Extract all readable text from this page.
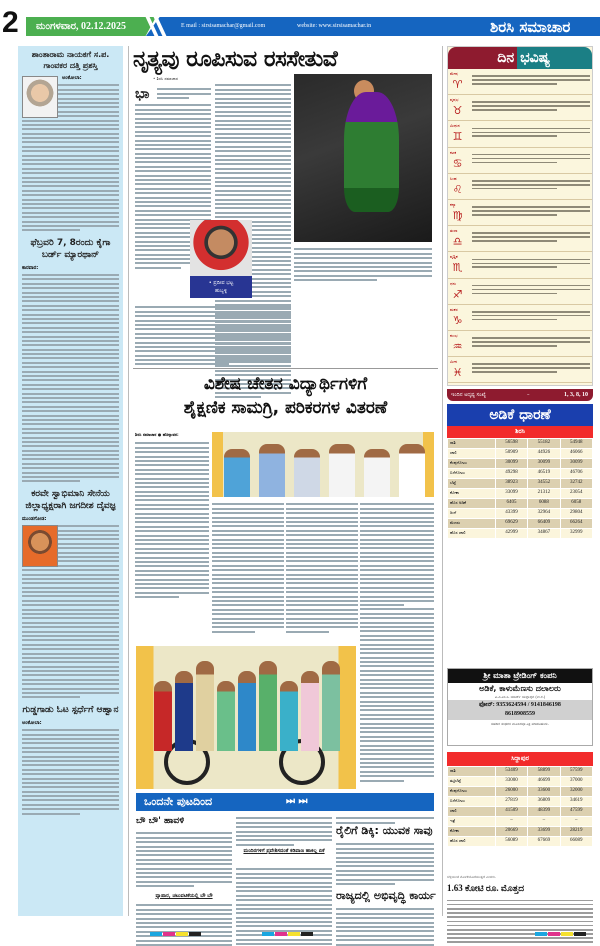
2 ಮಂಗಳವಾರ, 02.12.2025	E mail : sirsisamachar@gmail.com	website: www.sirsisamachar.in	ಶಿರಸಿ ಸಮಾಚಾರ
ಶಾಂತಾರಾಮ ನಾಯಕಗೆ ಸ.ಪ. ಗಾಂವಕರ ದತ್ತಿ ಪ್ರಶಸ್ತಿ
ಅಂಕೋಲಾ:
ಫೆಬ್ರವರಿ 7, 8ರಂದು ಕೈಗಾ ಬರ್ಡ್ ಮ್ಯಾರಥಾನ್
ಕಾರವಾರ:
ಕರವೇ ಸ್ವಾಭಿಮಾನಿ ಸೇನೆಯ ಜಿಲ್ಲಾಧ್ಯಕ್ಷರಾಗಿ ಜಗದೀಶ ದೈವಜ್ಞ
ಮುಂಡಗೋಡ:
ಗುಡ್ಡಗಾಡು ಓಟ ಸ್ಪರ್ಧೆಗೆ ಆಹ್ವಾನ
ಅಂಕೋಲಾ:
ನೃತ್ಯವು ರೂಪಿಸುವ ರಸಸೇತುವೆ
• ಶಿರಸಿ ಸಮಾಚಾರ
ಭಾ
• ಪ್ರದೀಪ ಭಟ್ಟ
ಹುಬ್ಬಳ್ಳಿ
ವಿಶೇಷ ಚೇತನ ವಿದ್ಯಾರ್ಥಿಗಳಿಗೆ
ಶೈಕ್ಷಣಿಕ ಸಾಮಗ್ರಿ, ಪರಿಕರಗಳ ವಿತರಣೆ
ಶಿರಸಿ ಸಮಾಚಾರ ● ಹೊನ್ನಾವರ:
ಒಂದನೇ ಪುಟದಿಂದ	⏭ ⏭
ಬೌ ಬೌ' ಹಾವಳಿ
ವ್ಯಾಪಾರ, ಚಟುವಟಿಕೆಯಲ್ಲಿ ಬೌ ಬೌ
ಮಂದಿರಗಳಿಗೆ ಪ್ರವೇಶಿಸದಂತೆ ಕಡಿವಾಣ ಹಾಕಿಲ್ಲ ಏಕೆ
ರೈಲಿಗೆ ಡಿಕ್ಕಿ: ಯುವಕ ಸಾವು
ರಾಜ್ಯದಲ್ಲಿ ಅಭಿವೃದ್ಧಿ ಕಾರ್ಯ
ದಿನ ಭವಿಷ್ಯ
ಮೇಷ
♈
ವೃಷಭ
♉
ಮಿಥುನ
♊
ಕಟಕ
♋
ಸಿಂಹ
♌
ಕನ್ಯಾ
♍
ತುಲಾ
♎
ವೃಶ್ಚಿಕ
♏
ಧನು
♐
ಮಕರ
♑
ಕುಂಭ
♒
ಮೀನ
♓
ಇಂದಿನ ಅದೃಷ್ಟ ಸಂಖ್ಯೆ	–	1, 3, 8, 10
ಅಡಿಕೆ ಧಾರಣೆ
ಶಿರಸಿ
ರಾಶಿ	56598	55182	54948
ಚಾಲಿ	50909	44926	46066
ಕೆಂಪುಗೋಟು	30099	30099	30099
ಬಿಳೆಗೋಟು	49298	46519	46706
ಬೆಟ್ಟೆ	38923	34552	32742
ಕೋಕಾ	33099	21312	23054
ಹೊಸ ಅಡಿಕೆ	6405	6088	6058
ರಿಂಗೆ	43399	32964	29804
ಮೆಣಸು	69629	66409	66264
ಹೊಸ ಚಾಲಿ	42999	34867	32999
ಶ್ರೀ ಮಾತಾ ಟ್ರೇಡಿಂಗ್ ಕಂಪನಿ
ಅಡಿಕೆ, ಕಾಳುಮೆಣಸು ದಲಾಲರು
ಎ.ಪಿ.ಎಂ.ಸಿ. ಯಾರ್ಡ್ ಯಲ್ಲಾಪುರ (ಉ.ಕ.)
ಫೋನ್: 9353624594 / 9141846198
8618908559
ಸಹಕಾರ ಸಂಘಗಳ ಮೂಲಕವೂ ವಿಕ್ರಿ ಮಾಡಬಹುದು.
ಸಿದ್ದಾಪುರ
ರಾಶಿ	53409	58899	57599
ತಟ್ಟಿಬೆಟ್ಟೆ	33000	46699	37000
ಕೆಂಪುಗೋಟು	26000	33600	32000
ಬಿಳೆಗೋಟು	27819	36809	34619
ಚಾಲಿ	41509	48399	47599
ಇತ್ರೆ	–	–	–
ಕೋಕಾ	20669	33699	28219
ಹೊಸ ಚಾಲಿ	56089	67669	66089
ಬೆಳ್ಳಿಯಂತೆ ಮೊಳಕೆಯೊಡೆಯುತ್ತದೆ ಎಂದರು.
1.63 ಕೋಟಿ ರೂ. ಮೊತ್ತದ
